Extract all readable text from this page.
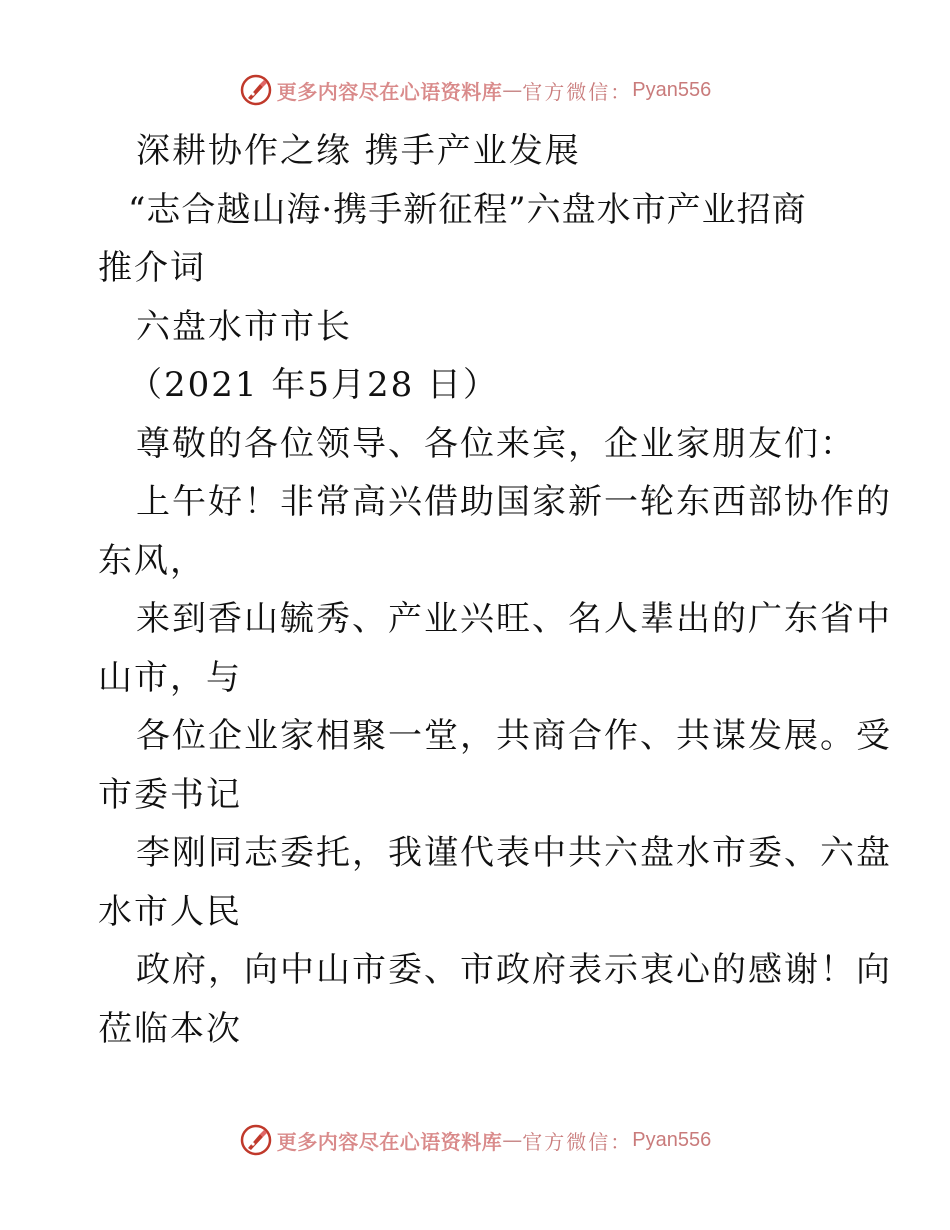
更多内容尽在心语资料库 — 官方微信： Pyan556
深耕协作之缘 携手产业发展
“志合越山海·携手新征程”六盘水市产业招商
推介词
六盘水市市长
（2021 年5月28 日）
尊敬的各位领导、各位来宾，企业家朋友们：
上午好！非常高兴借助国家新一轮东西部协作的
东风，
来到香山毓秀、产业兴旺、名人辈出的广东省中
山市，与
各位企业家相聚一堂，共商合作、共谋发展。受
市委书记
李刚同志委托，我谨代表中共六盘水市委、六盘
水市人民
政府，向中山市委、市政府表示衷心的感谢！向
莅临本次
更多内容尽在心语资料库 — 官方微信： Pyan556
